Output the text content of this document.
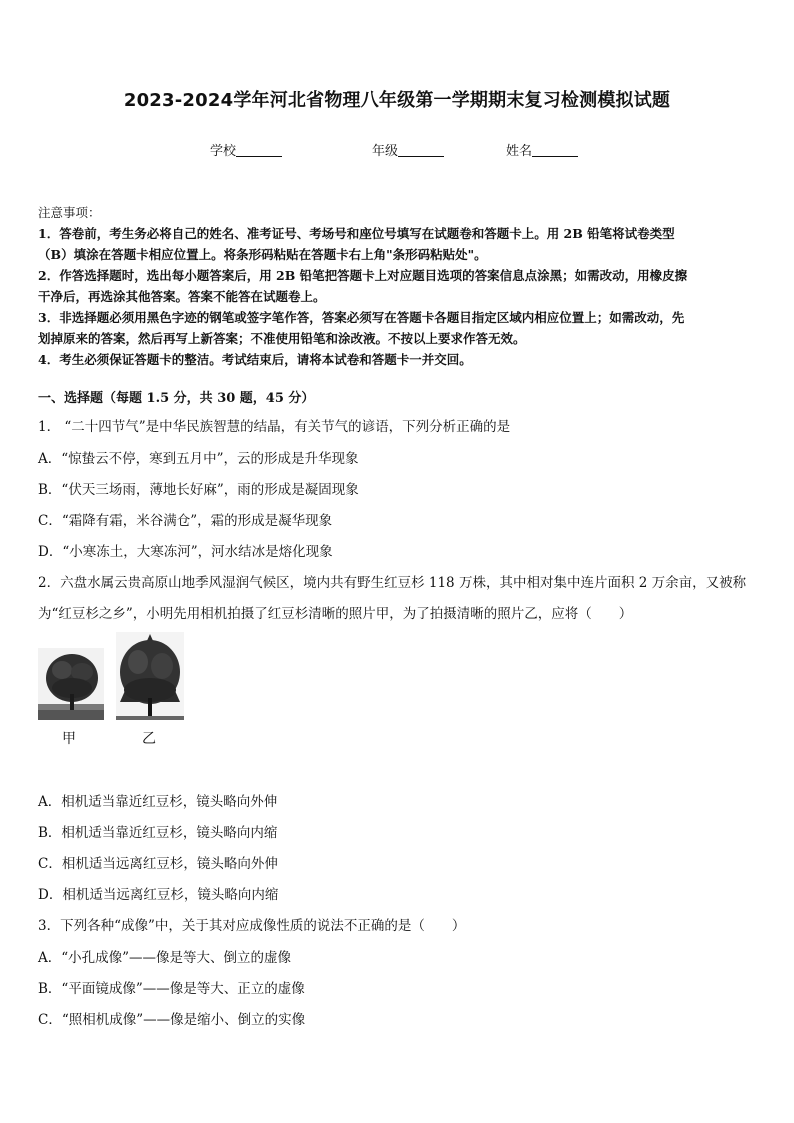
2023-2024学年河北省物理八年级第一学期期末复习检测模拟试题
学校	年级	姓名
注意事项：
1．答卷前，考生务必将自己的姓名、准考证号、考场号和座位号填写在试题卷和答题卡上。用 2B 铅笔将试卷类型
（B）填涂在答题卡相应位置上。将条形码粘贴在答题卡右上角"条形码粘贴处"。
2．作答选择题时，选出每小题答案后，用 2B 铅笔把答题卡上对应题目选项的答案信息点涂黑；如需改动，用橡皮擦
干净后，再选涂其他答案。答案不能答在试题卷上。
3．非选择题必须用黑色字迹的钢笔或签字笔作答，答案必须写在答题卡各题目指定区域内相应位置上；如需改动，先
划掉原来的答案，然后再写上新答案；不准使用铅笔和涂改液。不按以上要求作答无效。
4．考生必须保证答题卡的整洁。考试结束后，请将本试卷和答题卡一并交回。
一、选择题（每题 1.5 分，共 30 题，45 分）
1． “二十四节气”是中华民族智慧的结晶，有关节气的谚语，下列分析正确的是
A．“惊蛰云不停，寒到五月中”，云的形成是升华现象
B．“伏天三场雨，薄地长好麻”，雨的形成是凝固现象
C．“霜降有霜，米谷满仓”，霜的形成是凝华现象
D．“小寒冻土，大寒冻河”，河水结冰是熔化现象
2．六盘水属云贵高原山地季风湿润气候区，境内共有野生红豆杉 118 万株，其中相对集中连片面积 2 万余亩，又被称
为“红豆杉之乡”，小明先用相机拍摄了红豆杉清晰的照片甲，为了拍摄清晰的照片乙，应将（　　）
甲	乙
A．相机适当靠近红豆杉，镜头略向外伸
B．相机适当靠近红豆杉，镜头略向内缩
C．相机适当远离红豆杉，镜头略向外伸
D．相机适当远离红豆杉，镜头略向内缩
3．下列各种“成像”中，关于其对应成像性质的说法不正确的是（　　）
A．“小孔成像”——像是等大、倒立的虚像
B．“平面镜成像”——像是等大、正立的虚像
C．“照相机成像”——像是缩小、倒立的实像
